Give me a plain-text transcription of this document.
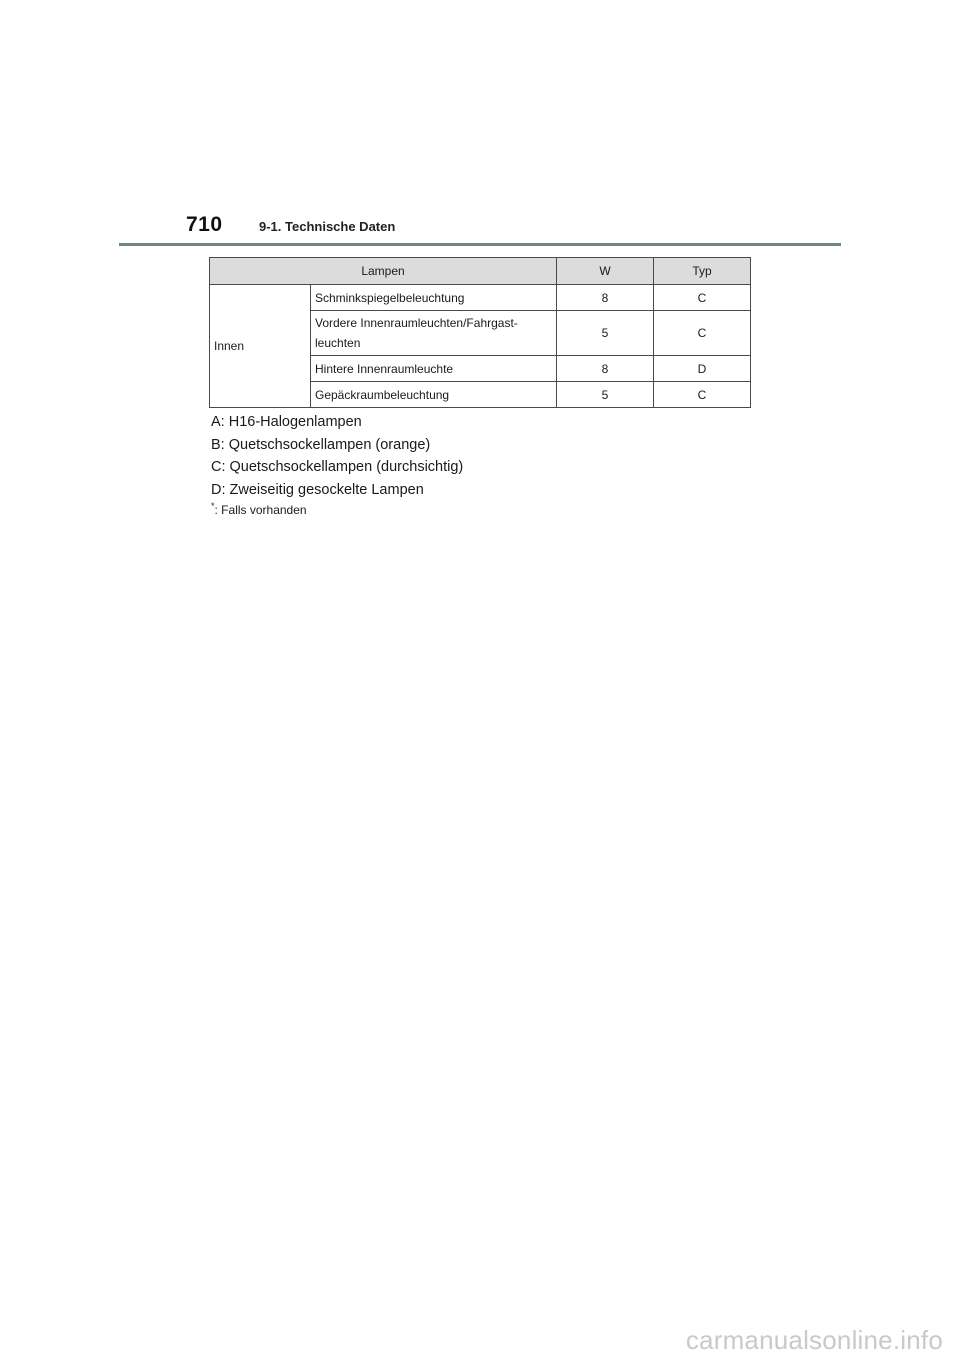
710	9-1. Technische Daten
Lampen		W	Typ
Innen	Schminkspiegelbeleuchtung	8	C

	Vordere Innenraumleuchten/Fahrgast-
leuchten	5	C

	Hintere Innenraumleuchte	8	D

	Gepäckraumbeleuchtung	5	C
A: H16-Halogenlampen
B: Quetschsockellampen (orange)
C: Quetschsockellampen (durchsichtig)
D: Zweiseitig gesockelte Lampen
*: Falls vorhanden
carmanualsonline.info
